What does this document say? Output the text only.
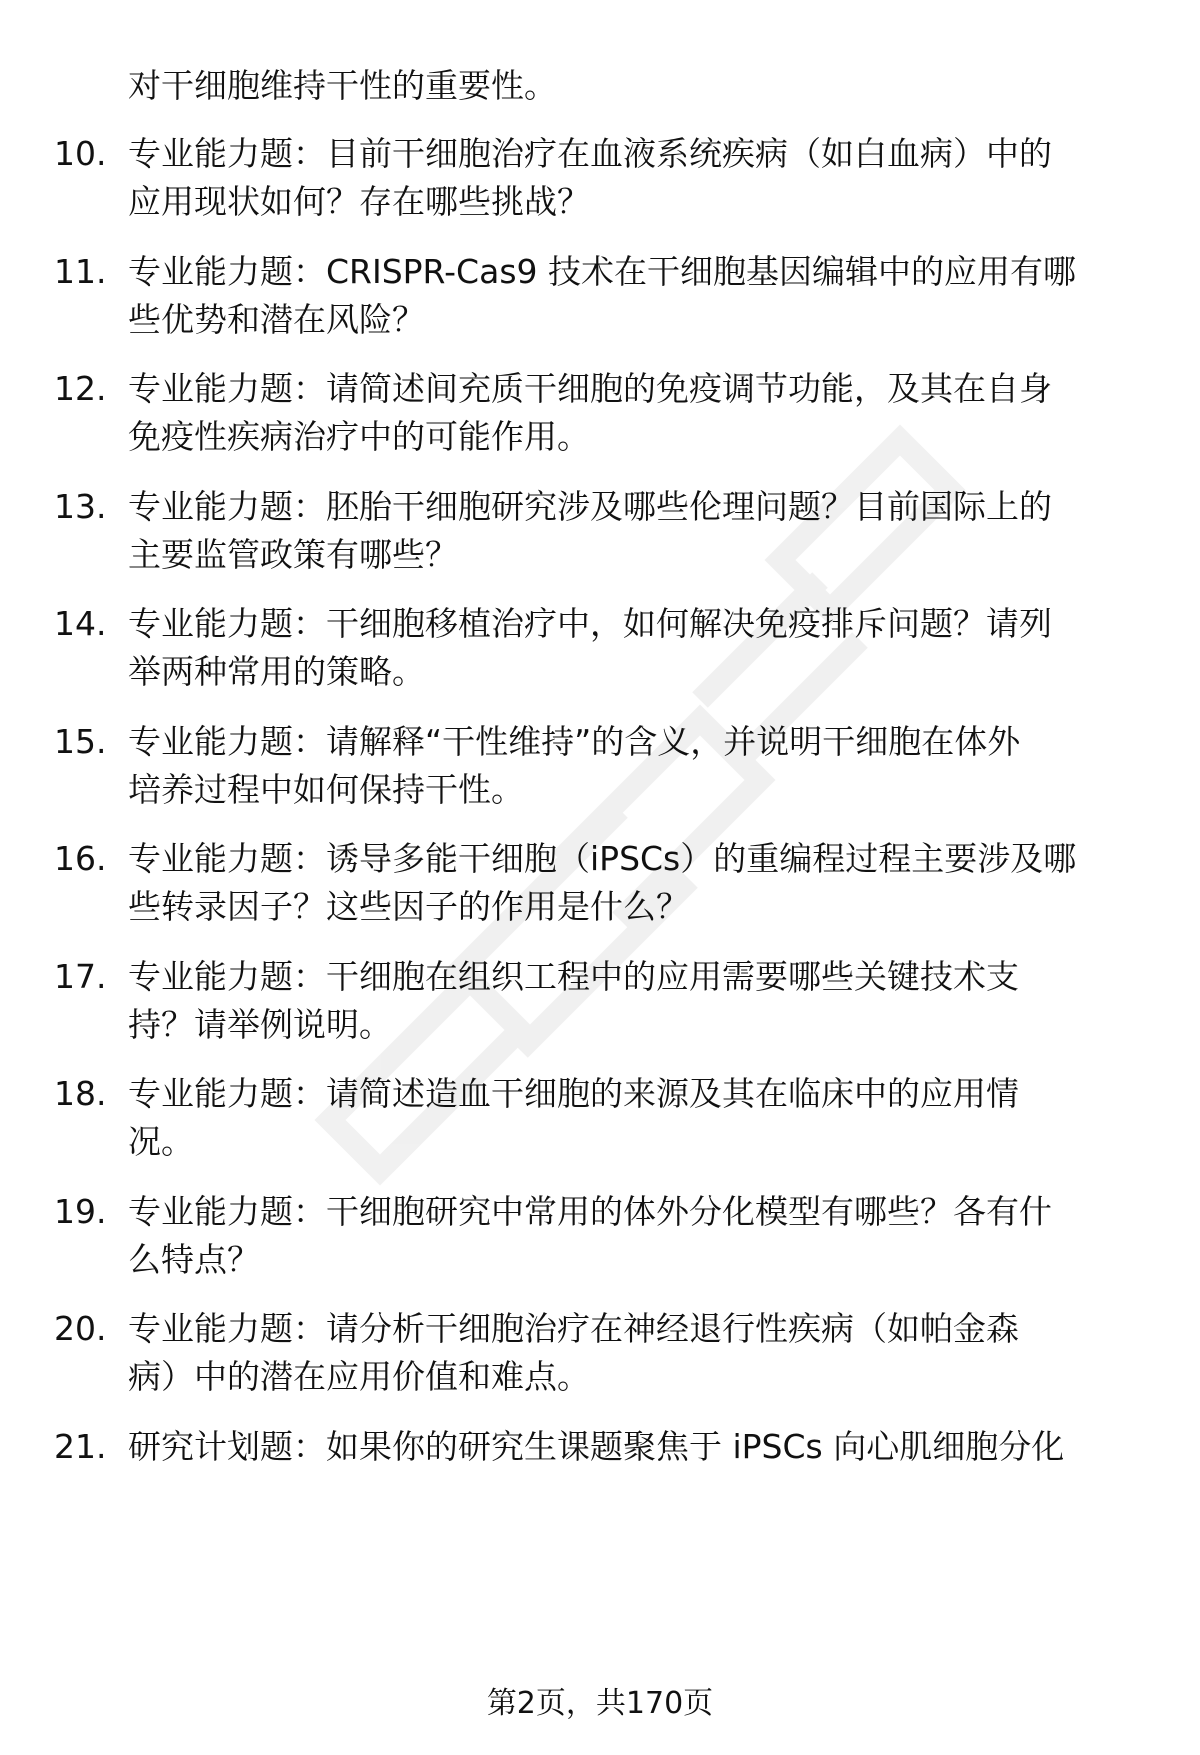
对干细胞维持干性的重要性。
10. 专业能力题：目前干细胞治疗在血液系统疾病（如白血病）中的
应用现状如何？存在哪些挑战？
11. 专业能力题：CRISPR-Cas9 技术在干细胞基因编辑中的应用有哪
些优势和潜在风险？
12. 专业能力题：请简述间充质干细胞的免疫调节功能，及其在自身
免疫性疾病治疗中的可能作用。
13. 专业能力题：胚胎干细胞研究涉及哪些伦理问题？目前国际上的
主要监管政策有哪些？
14. 专业能力题：干细胞移植治疗中，如何解决免疫排斥问题？请列
举两种常用的策略。
15. 专业能力题：请解释“干性维持”的含义，并说明干细胞在体外
培养过程中如何保持干性。
16. 专业能力题：诱导多能干细胞（iPSCs）的重编程过程主要涉及哪
些转录因子？这些因子的作用是什么？
17. 专业能力题：干细胞在组织工程中的应用需要哪些关键技术支
持？请举例说明。
18. 专业能力题：请简述造血干细胞的来源及其在临床中的应用情
况。
19. 专业能力题：干细胞研究中常用的体外分化模型有哪些？各有什
么特点？
20. 专业能力题：请分析干细胞治疗在神经退行性疾病（如帕金森
病）中的潜在应用价值和难点。
21. 研究计划题：如果你的研究生课题聚焦于 iPSCs 向心肌细胞分化
第2页，共170页
